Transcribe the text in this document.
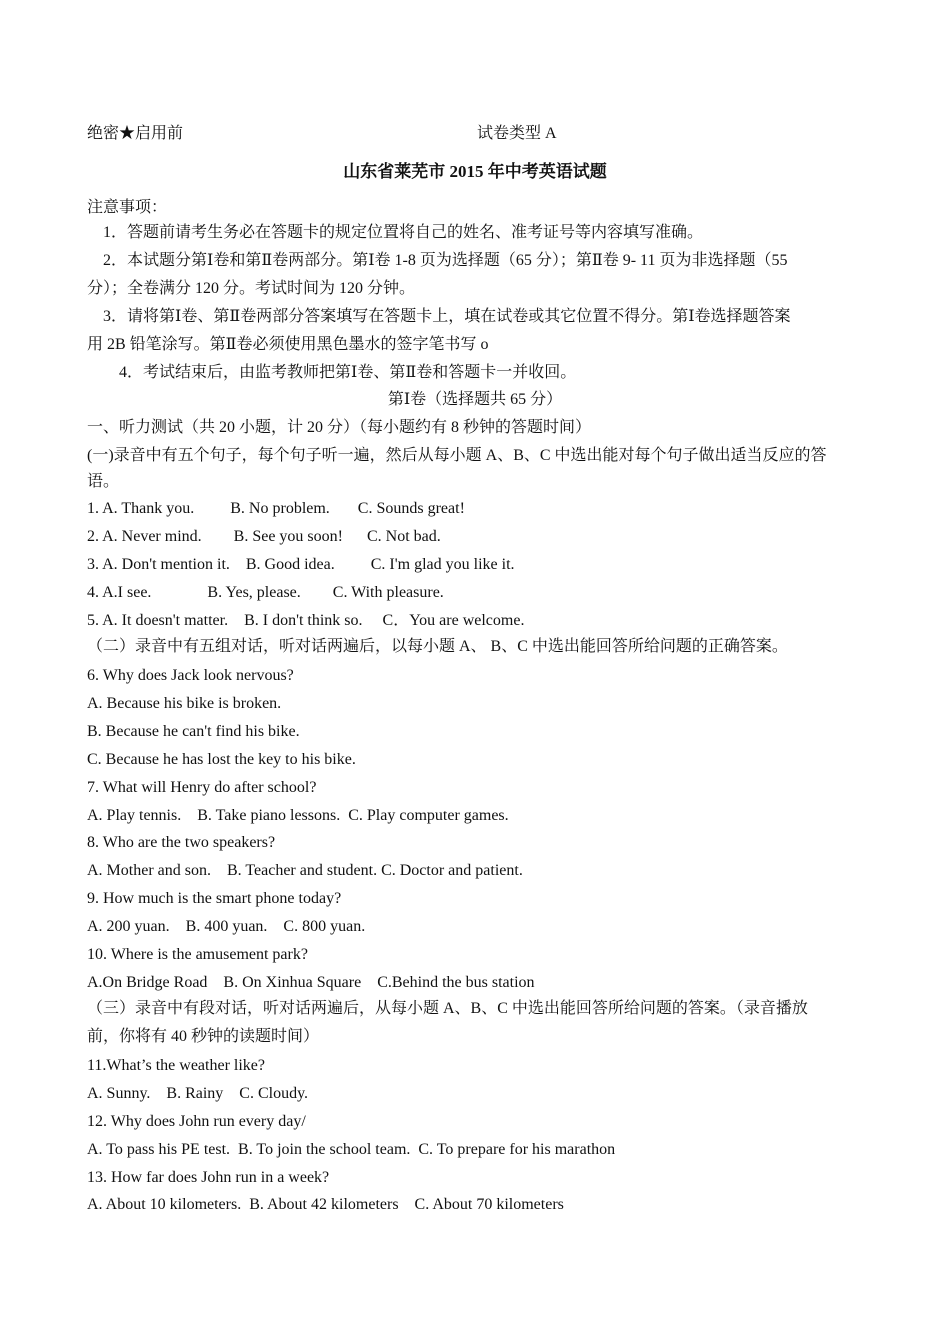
绝密★启用前	试卷类型 A
山东省莱芜市 2015 年中考英语试题
注意事项：
1．答题前请考生务必在答题卡的规定位置将自己的姓名、准考证号等内容填写准确。
2．本试题分第Ⅰ卷和第Ⅱ卷两部分。第Ⅰ卷 1-8 页为选择题（65 分）；第Ⅱ卷 9- 11 页为非选择题（55
分）；全卷满分 120 分。考试时间为 120 分钟。
3．请将第Ⅰ卷、第Ⅱ卷两部分答案填写在答题卡上，填在试卷或其它位置不得分。第Ⅰ卷选择题答案
用 2B 铅笔涂写。第Ⅱ卷必须使用黑色墨水的签字笔书写 o
4．考试结束后，由监考教师把第Ⅰ卷、第Ⅱ卷和答题卡一并收回。
第Ⅰ卷（选择题共 65 分）
一、听力测试（共 20 小题，计 20 分）（每小题约有 8 秒钟的答题时间）
(一)录音中有五个句子，每个句子听一遍，然后从每小题 A、B、C 中选出能对每个句子做出适当反应的答
语。
1. A. Thank you.         B. No problem.       C. Sounds great!
2. A. Never mind.        B. See you soon!      C. Not bad.
3. A. Don't mention it.    B. Good idea.         C. I'm glad you like it.
4. A.I see.              B. Yes, please.        C. With pleasure.
5. A. It doesn't matter.    B. I don't think so.     C．You are welcome.
（二）录音中有五组对话，听对话两遍后，以每小题 A、 B、C 中选出能回答所给问题的正确答案。
6. Why does Jack look nervous?
A. Because his bike is broken.
B. Because he can't find his bike.
C. Because he has lost the key to his bike.
7. What will Henry do after school?
A. Play tennis.    B. Take piano lessons.  C. Play computer games.
8. Who are the two speakers?
A. Mother and son.    B. Teacher and student. C. Doctor and patient.
9. How much is the smart phone today?
A. 200 yuan.    B. 400 yuan.    C. 800 yuan.
10. Where is the amusement park?
A.On Bridge Road    B. On Xinhua Square    C.Behind the bus station
（三）录音中有段对话，听对话两遍后，从每小题 A、B、C 中选出能回答所给问题的答案。（录音播放
前，你将有 40 秒钟的读题时间）
11.What’s the weather like?
A. Sunny.    B. Rainy    C. Cloudy.
12. Why does John run every day/
A. To pass his PE test.  B. To join the school team.  C. To prepare for his marathon
13. How far does John run in a week?
A. About 10 kilometers.  B. About 42 kilometers    C. About 70 kilometers
